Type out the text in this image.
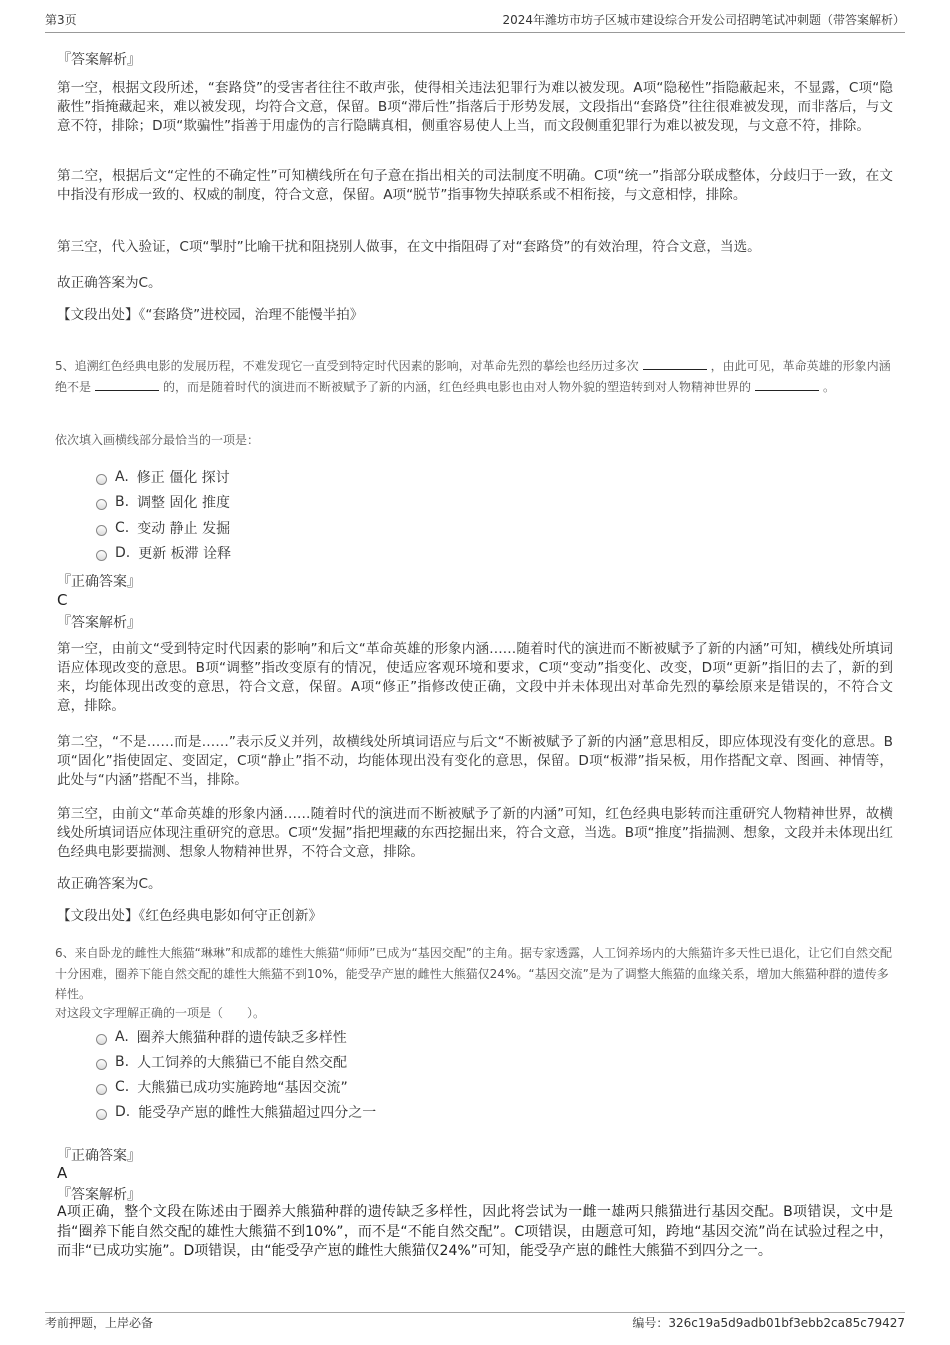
第3页	2024年潍坊市坊子区城市建设综合开发公司招聘笔试冲刺题（带答案解析）
『答案解析』
第一空，根据文段所述，“套路贷”的受害者往往不敢声张，使得相关违法犯罪行为难以被发现。A项“隐秘性”指隐蔽起来，不显露，C项“隐蔽性”指掩藏起来，难以被发现，均符合文意，保留。B项“滞后性”指落后于形势发展，文段指出“套路贷”往往很难被发现，而非落后，与文意不符，排除；D项“欺骗性”指善于用虚伪的言行隐瞒真相，侧重容易使人上当，而文段侧重犯罪行为难以被发现，与文意不符，排除。
第二空，根据后文“定性的不确定性”可知横线所在句子意在指出相关的司法制度不明确。C项“统一”指部分联成整体，分歧归于一致，在文中指没有形成一致的、权威的制度，符合文意，保留。A项“脱节”指事物失掉联系或不相衔接，与文意相悖，排除。
第三空，代入验证，C项“掣肘”比喻干扰和阻挠别人做事，在文中指阻碍了对“套路贷”的有效治理，符合文意，当选。
故正确答案为C。
【文段出处】《“套路贷”进校园，治理不能慢半拍》
5、追溯红色经典电影的发展历程，不难发现它一直受到特定时代因素的影响，对革命先烈的摹绘也经历过多次	，由此可见，革命英雄的形象内涵绝不是	的，而是随着时代的演进而不断被赋予了新的内涵，红色经典电影也由对人物外貌的塑造转到对人物精神世界的	。
依次填入画横线部分最恰当的一项是：
A. 修正 僵化 探讨
B. 调整 固化 推度
C. 变动 静止 发掘
D. 更新 板滞 诠释
『正确答案』
C
『答案解析』
第一空，由前文“受到特定时代因素的影响”和后文“革命英雄的形象内涵……随着时代的演进而不断被赋予了新的内涵”可知，横线处所填词语应体现改变的意思。B项“调整”指改变原有的情况，使适应客观环境和要求，C项“变动”指变化、改变，D项“更新”指旧的去了，新的到来，均能体现出改变的意思，符合文意，保留。A项“修正”指修改使正确，文段中并未体现出对革命先烈的摹绘原来是错误的，不符合文意，排除。
第二空，“不是……而是……”表示反义并列，故横线处所填词语应与后文“不断被赋予了新的内涵”意思相反，即应体现没有变化的意思。B项“固化”指使固定、变固定，C项“静止”指不动，均能体现出没有变化的意思，保留。D项“板滞”指呆板，用作搭配文章、图画、神情等，此处与“内涵”搭配不当，排除。
第三空，由前文“革命英雄的形象内涵……随着时代的演进而不断被赋予了新的内涵”可知，红色经典电影转而注重研究人物精神世界，故横线处所填词语应体现注重研究的意思。C项“发掘”指把埋藏的东西挖掘出来，符合文意，当选。B项“推度”指揣测、想象，文段并未体现出红色经典电影要揣测、想象人物精神世界，不符合文意，排除。
故正确答案为C。
【文段出处】《红色经典电影如何守正创新》
6、来自卧龙的雌性大熊猫“琳琳”和成都的雄性大熊猫“师师”已成为“基因交配”的主角。据专家透露，人工饲养场内的大熊猫许多天性已退化，让它们自然交配十分困难，圈养下能自然交配的雄性大熊猫不到10%，能受孕产崽的雌性大熊猫仅24%。“基因交流”是为了调整大熊猫的血缘关系，增加大熊猫种群的遗传多样性。
对这段文字理解正确的一项是（　　）。
A. 圈养大熊猫种群的遗传缺乏多样性
B. 人工饲养的大熊猫已不能自然交配
C. 大熊猫已成功实施跨地“基因交流”
D. 能受孕产崽的雌性大熊猫超过四分之一
『正确答案』
A
『答案解析』
A项正确，整个文段在陈述由于圈养大熊猫种群的遗传缺乏多样性，因此将尝试为一雌一雄两只熊猫进行基因交配。B项错误，文中是指“圈养下能自然交配的雄性大熊猫不到10%”，而不是“不能自然交配”。C项错误，由题意可知，跨地“基因交流”尚在试验过程之中，而非“已成功实施”。D项错误，由“能受孕产崽的雌性大熊猫仅24%”可知，能受孕产崽的雌性大熊猫不到四分之一。
考前押题，上岸必备	编号：326c19a5d9adb01bf3ebb2ca85c79427
